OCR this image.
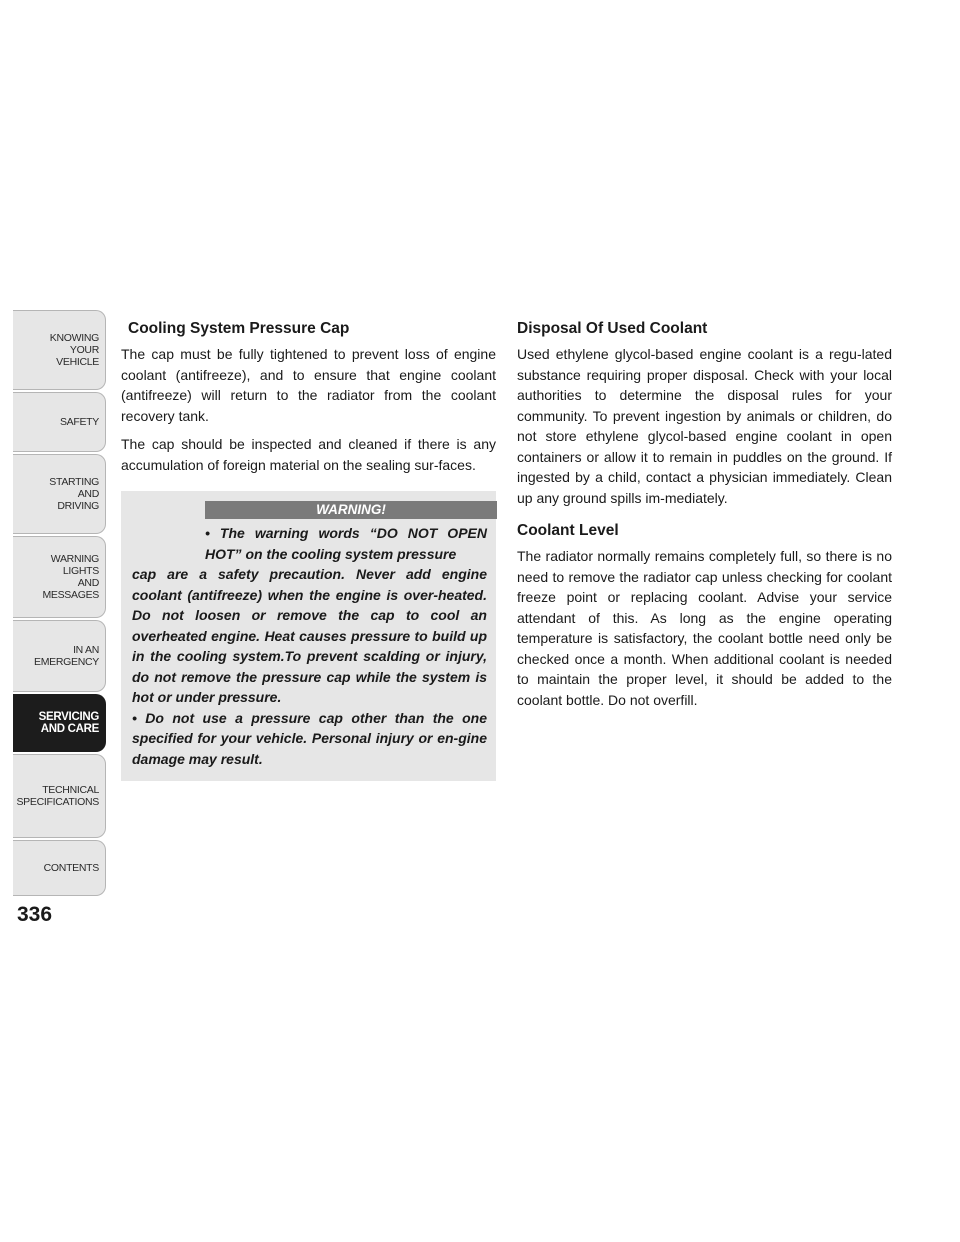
KNOWING
YOUR
VEHICLE
SAFETY
STARTING
AND
DRIVING
WARNING
LIGHTS
AND
MESSAGES
IN AN
EMERGENCY
SERVICING
AND CARE
TECHNICAL
SPECIFICATIONS
CONTENTS
336
Cooling System Pressure Cap

The cap must be fully tightened to prevent loss of engine coolant (antifreeze), and to ensure that engine coolant (antifreeze) will return to the radiator from the coolant recovery tank.

The cap should be inspected and cleaned if there is any accumulation of foreign material on the sealing sur-faces.

WARNING!

• The warning words “DO NOT OPEN HOT” on the cooling system pressure

cap are a safety precaution. Never add engine coolant (antifreeze) when the engine is over-heated. Do not loosen or remove the cap to cool an overheated engine. Heat causes pressure to build up in the cooling system.To prevent scalding or injury, do not remove the pressure cap while the system is hot or under pressure.

• Do not use a pressure cap other than the one specified for your vehicle. Personal injury or en-gine damage may result.

Disposal Of Used Coolant

Used ethylene glycol-based engine coolant is a regu-lated substance requiring proper disposal. Check with your local authorities to determine the disposal rules for your community. To prevent ingestion by animals or children, do not store ethylene glycol-based engine coolant in open containers or allow it to remain in puddles on the ground. If ingested by a child, contact a physician immediately. Clean up any ground spills im-mediately.

Coolant Level

The radiator normally remains completely full, so there is no need to remove the radiator cap unless checking for coolant freeze point or replacing coolant. Advise your service attendant of this. As long as the engine operating temperature is satisfactory, the coolant bottle need only be checked once a month. When additional coolant is needed to maintain the proper level, it should be added to the coolant bottle. Do not overfill.
